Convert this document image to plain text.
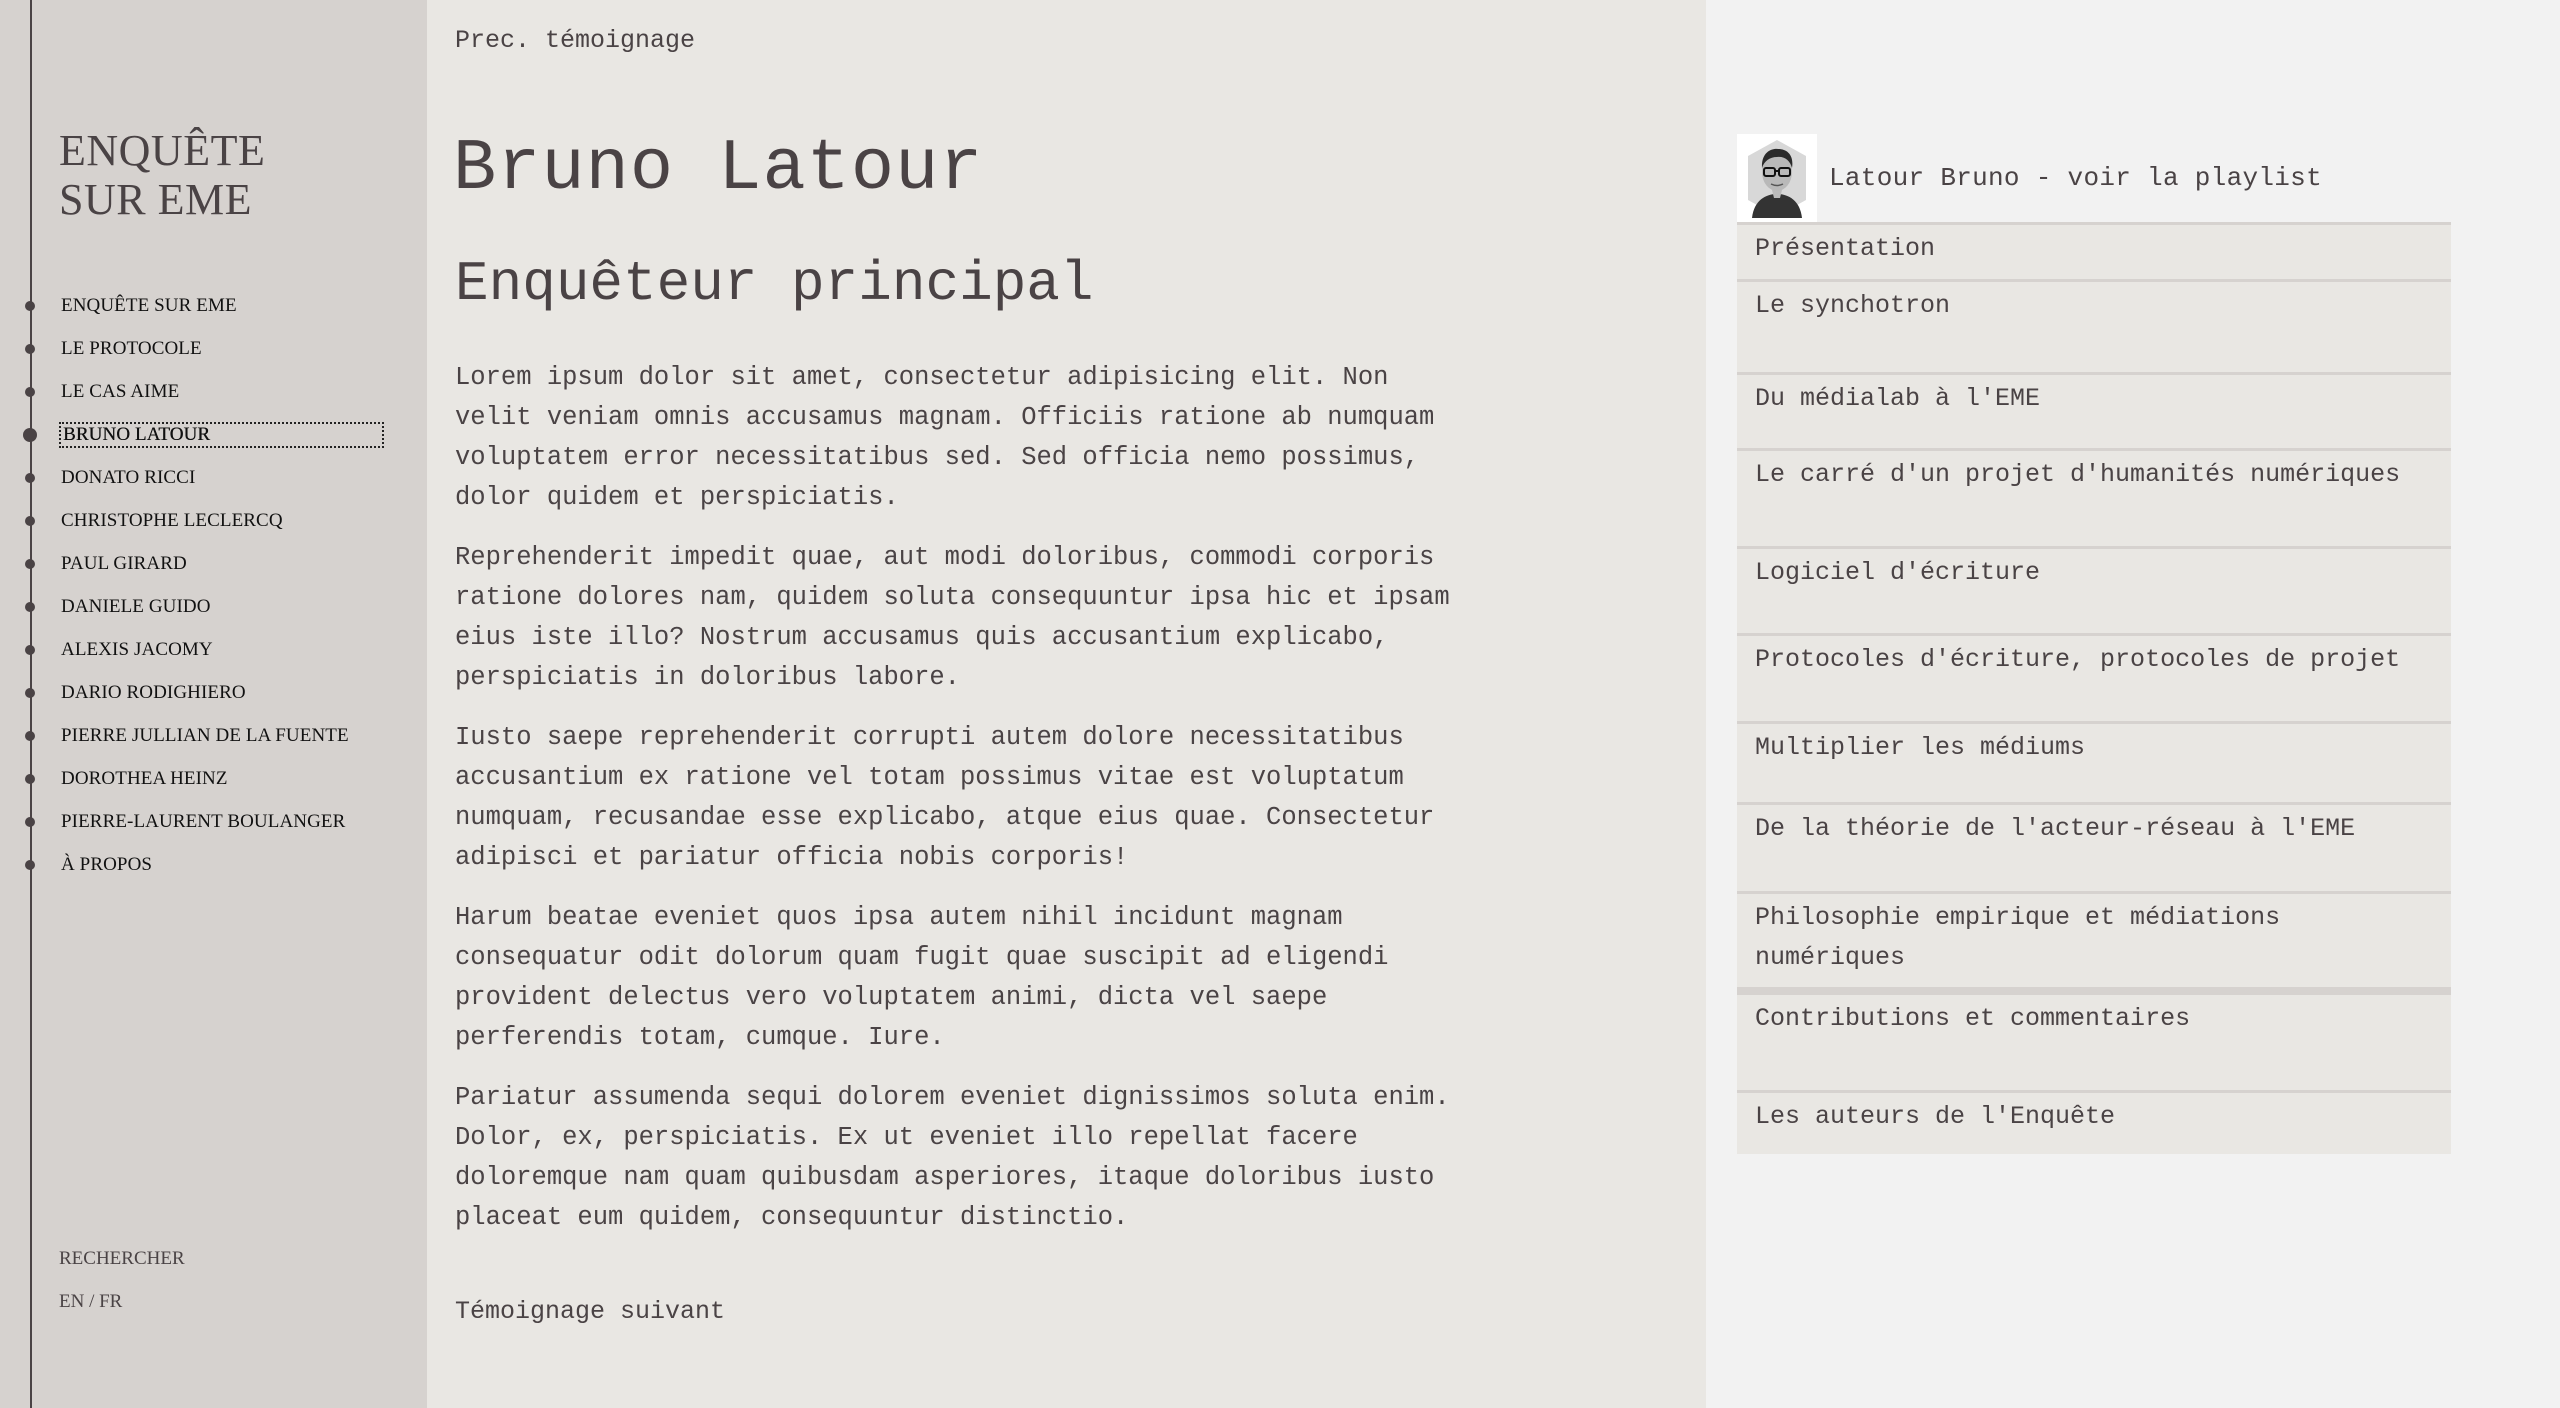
ENQUÊTE
SUR EME
ENQUÊTE SUR EME
LE PROTOCOLE
LE CAS AIME
BRUNO LATOUR
DONATO RICCI
CHRISTOPHE LECLERCQ
PAUL GIRARD
DANIELE GUIDO
ALEXIS JACOMY
DARIO RODIGHIERO
PIERRE JULLIAN DE LA FUENTE
DOROTHEA HEINZ
PIERRE-LAURENT BOULANGER
À PROPOS
RECHERCHER
EN / FR
Prec. témoignage
Bruno Latour
Enquêteur principal

Lorem ipsum dolor sit amet, consectetur adipisicing elit. Non velit veniam omnis accusamus magnam. Officiis ratione ab numquam voluptatem error necessitatibus sed. Sed officia nemo possimus, dolor quidem et perspiciatis.

Reprehenderit impedit quae, aut modi doloribus, commodi corporis ratione dolores nam, quidem soluta consequuntur ipsa hic et ipsam eius iste illo? Nostrum accusamus quis accusantium explicabo, perspiciatis in doloribus labore.

Iusto saepe reprehenderit corrupti autem dolore necessitatibus accusantium ex ratione vel totam possimus vitae est voluptatum numquam, recusandae esse explicabo, atque eius quae. Consectetur adipisci et pariatur officia nobis corporis!

Harum beatae eveniet quos ipsa autem nihil incidunt magnam consequatur odit dolorum quam fugit quae suscipit ad eligendi provident delectus vero voluptatem animi, dicta vel saepe perferendis totam, cumque. Iure.

Pariatur assumenda sequi dolorem eveniet dignissimos soluta enim. Dolor, ex, perspiciatis. Ex ut eveniet illo repellat facere doloremque nam quam quibusdam asperiores, itaque doloribus iusto placeat eum quidem, consequuntur distinctio.

Témoignage suivant
Latour Bruno - voir la playlist
Présentation
Le synchotron
Du médialab à l'EME
Le carré d'un projet d'humanités numériques
Logiciel d'écriture
Protocoles d'écriture, protocoles de projet
Multiplier les médiums
De la théorie de l'acteur-réseau à l'EME
Philosophie empirique et médiations numériques
Contributions et commentaires
Les auteurs de l'Enquête
